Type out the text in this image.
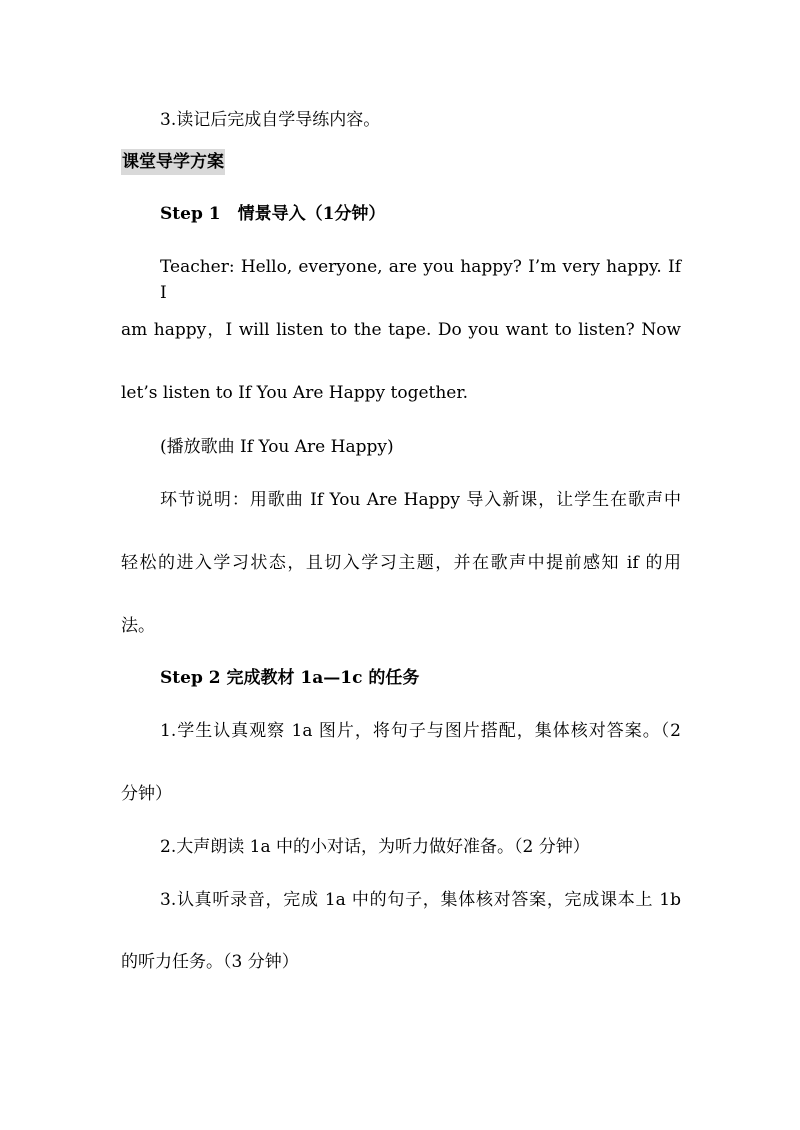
3.读记后完成自学导练内容。
课堂导学方案
Step 1　情景导入（1分钟）
Teacher: Hello, everyone, are you happy? I’m very happy. If I
am happy，I will listen to the tape. Do you want to listen? Now
let’s listen to If You Are Happy together.
(播放歌曲 If You Are Happy)
环节说明：用歌曲 If You Are Happy 导入新课，让学生在歌声中
轻松的进入学习状态，且切入学习主题，并在歌声中提前感知 if 的用
法。
Step 2 完成教材 1a—1c 的任务
1.学生认真观察 1a 图片，将句子与图片搭配，集体核对答案。（2
分钟）
2.大声朗读 1a 中的小对话，为听力做好准备。（2 分钟）
3.认真听录音，完成 1a 中的句子，集体核对答案，完成课本上 1b
的听力任务。（3 分钟）
